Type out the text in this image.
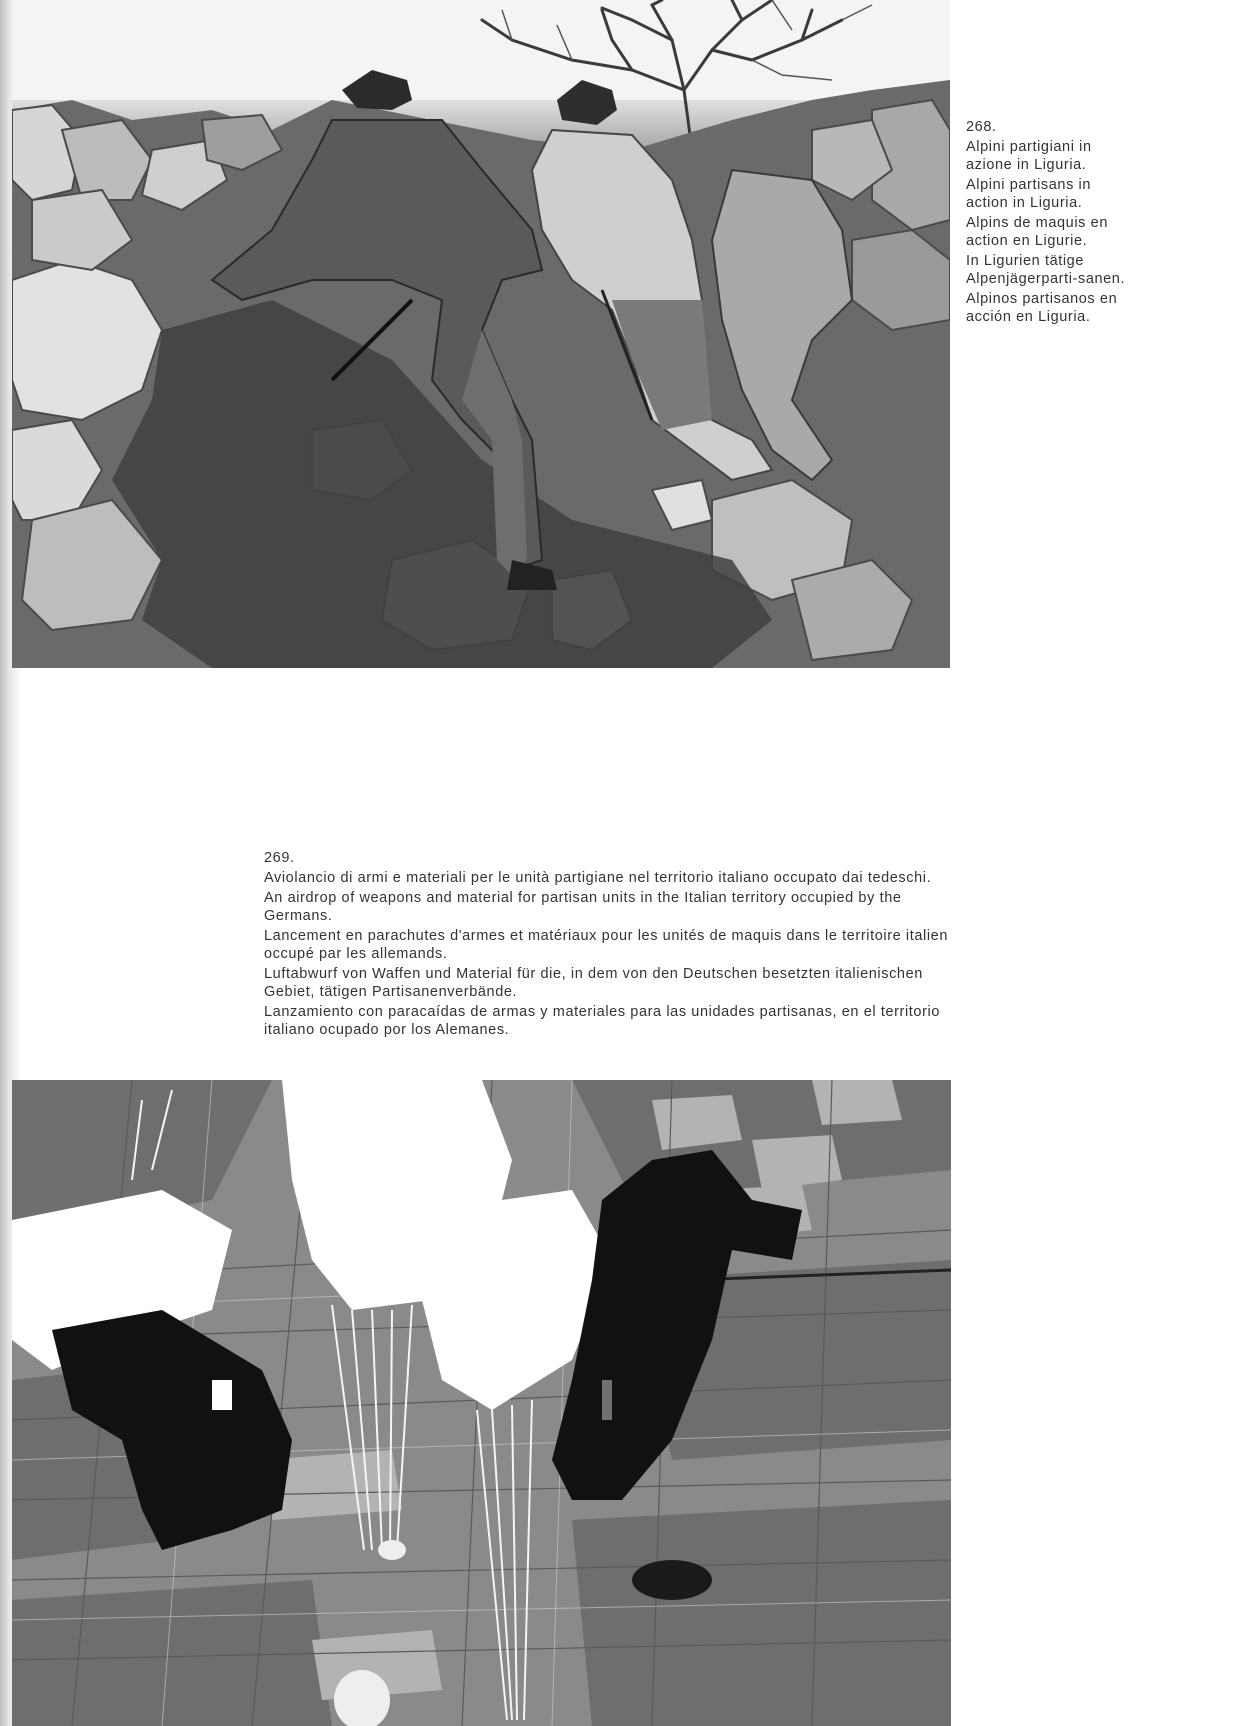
268.

Alpini partigiani in azione in Liguria.

Alpini partisans in action in Liguria.

Alpins de maquis en action en Ligurie.

In Ligurien tätige Alpenjägerparti-sanen.

Alpinos partisanos en acción en Liguria.

269.

Aviolancio di armi e materiali per le unità partigiane nel territorio italiano occupato dai tedeschi.

An airdrop of weapons and material for partisan units in the Italian territory occupied by the Germans.

Lancement en parachutes d'armes et matériaux pour les unités de maquis dans le territoire italien occupé par les allemands.

Luftabwurf von Waffen und Material für die, in dem von den Deutschen besetzten italienischen Gebiet, tätigen Partisanenverbände.

Lanzamiento con paracaídas de armas y materiales para las unidades partisanas, en el territorio italiano ocupado por los Alemanes.
